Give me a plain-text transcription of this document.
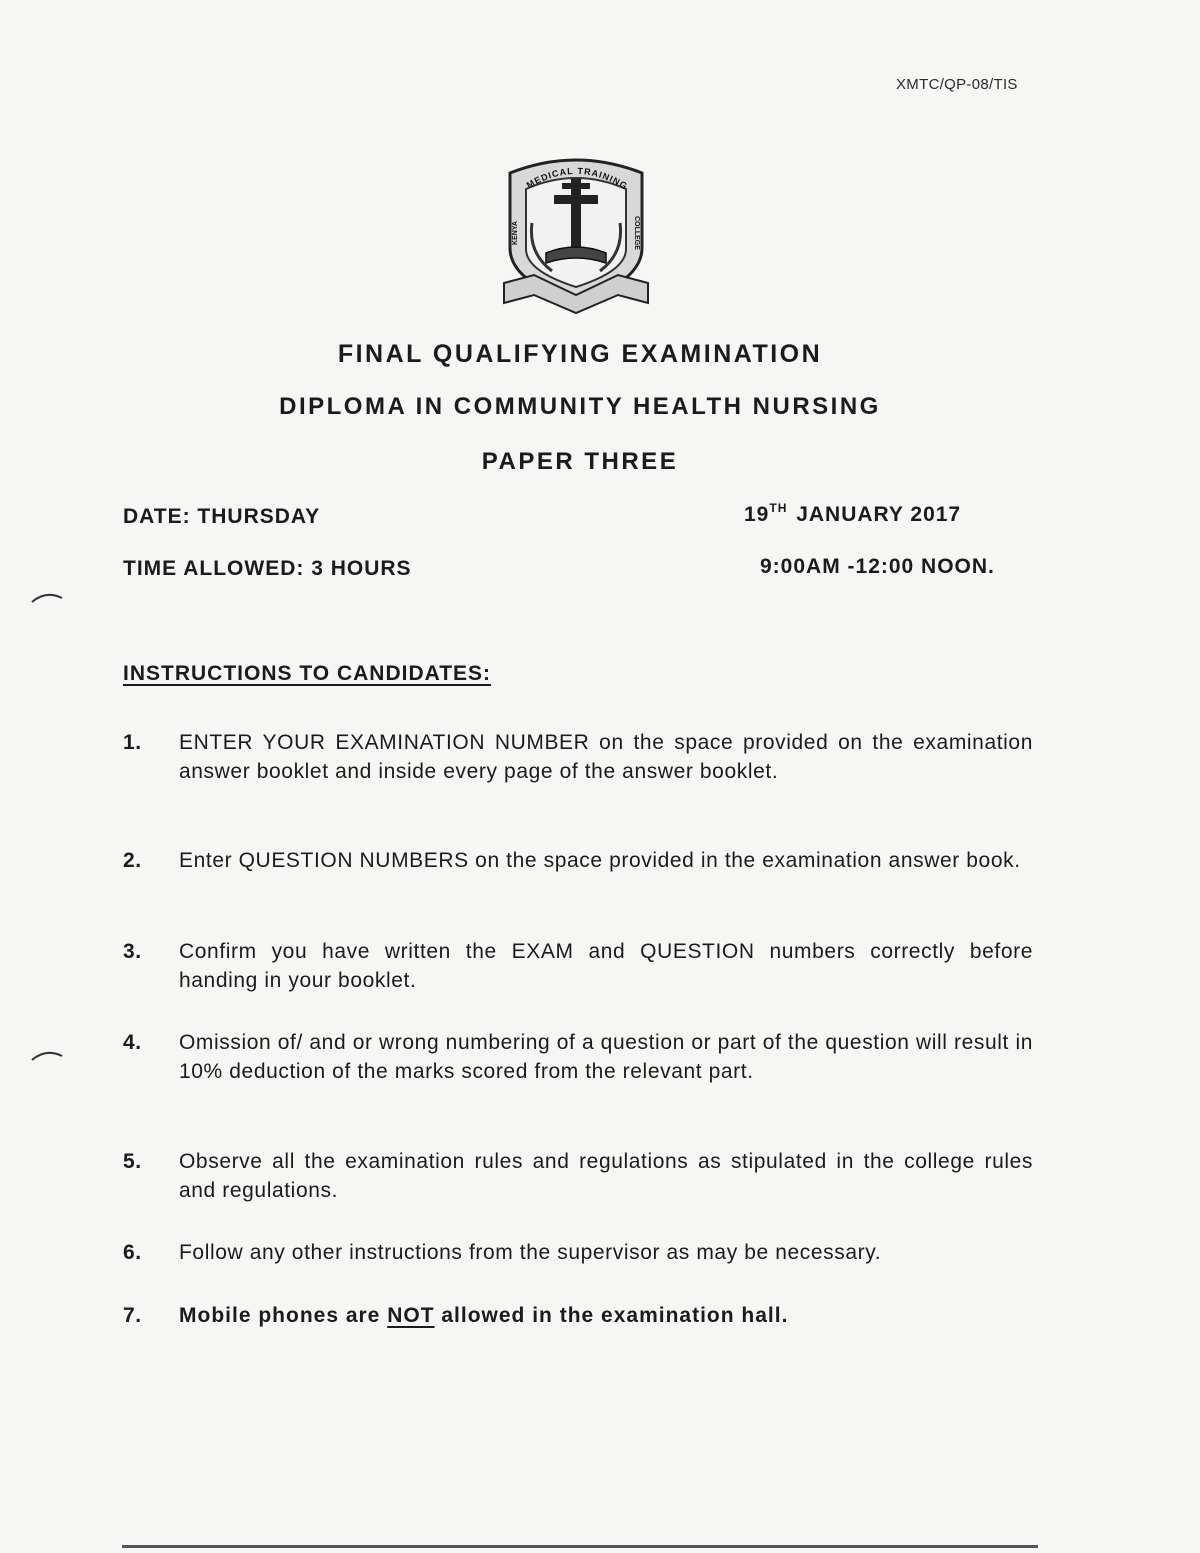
XMTC/QP-08/TIS
MEDICAL TRAINING
KENYA	COLLEGE
FINAL QUALIFYING EXAMINATION
DIPLOMA IN COMMUNITY HEALTH NURSING
PAPER THREE
DATE: THURSDAY	19TH JANUARY 2017
TIME ALLOWED: 3 HOURS	9:00AM -12:00 NOON.
INSTRUCTIONS TO CANDIDATES:
1. ENTER YOUR EXAMINATION NUMBER on the space provided on the examination answer booklet and inside every page of the answer booklet.
2. Enter QUESTION NUMBERS on the space provided in the examination answer book.
3. Confirm you have written the EXAM and QUESTION numbers correctly before handing in your booklet.
4. Omission of/ and or wrong numbering of a question or part of the question will result in 10% deduction of the marks scored from the relevant part.
5. Observe all the examination rules and regulations as stipulated in the college rules and regulations.
6. Follow any other instructions from the supervisor as may be necessary.
7. Mobile phones are NOT allowed in the examination hall.
